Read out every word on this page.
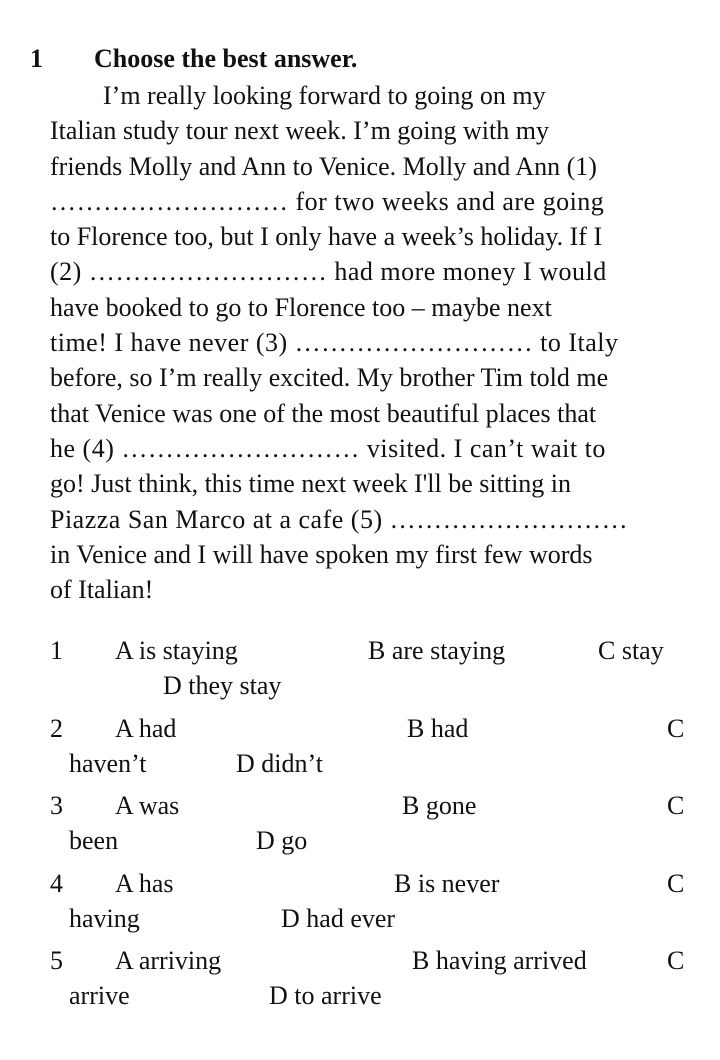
1 Choose the best answer.
I’m really looking forward to going on my
Italian study tour next week. I’m going with my
friends Molly and Ann to Venice. Molly and Ann (1)
……………………… for two weeks and are going
to Florence too, but I only have a week’s holiday. If I
(2) ……………………… had more money I would
have booked to go to Florence too – maybe next
time! I have never (3) ……………………… to Italy
before, so I’m really excited. My brother Tim told me
that Venice was one of the most beautiful places that
he (4) ……………………… visited. I can’t wait to
go! Just think, this time next week I'll be sitting in
Piazza San Marco at a cafe (5) ………………………
in Venice and I will have spoken my first few words
of Italian!
1 A is staying	B are staying	C stay
D they stay
2 A had	B had	C
haven’t	D didn’t
3 A was	B gone	C
been	D go
4 A has	B is never	C
having	D had ever
5 A arriving	B having arrived	C
arrive	D to arrive
